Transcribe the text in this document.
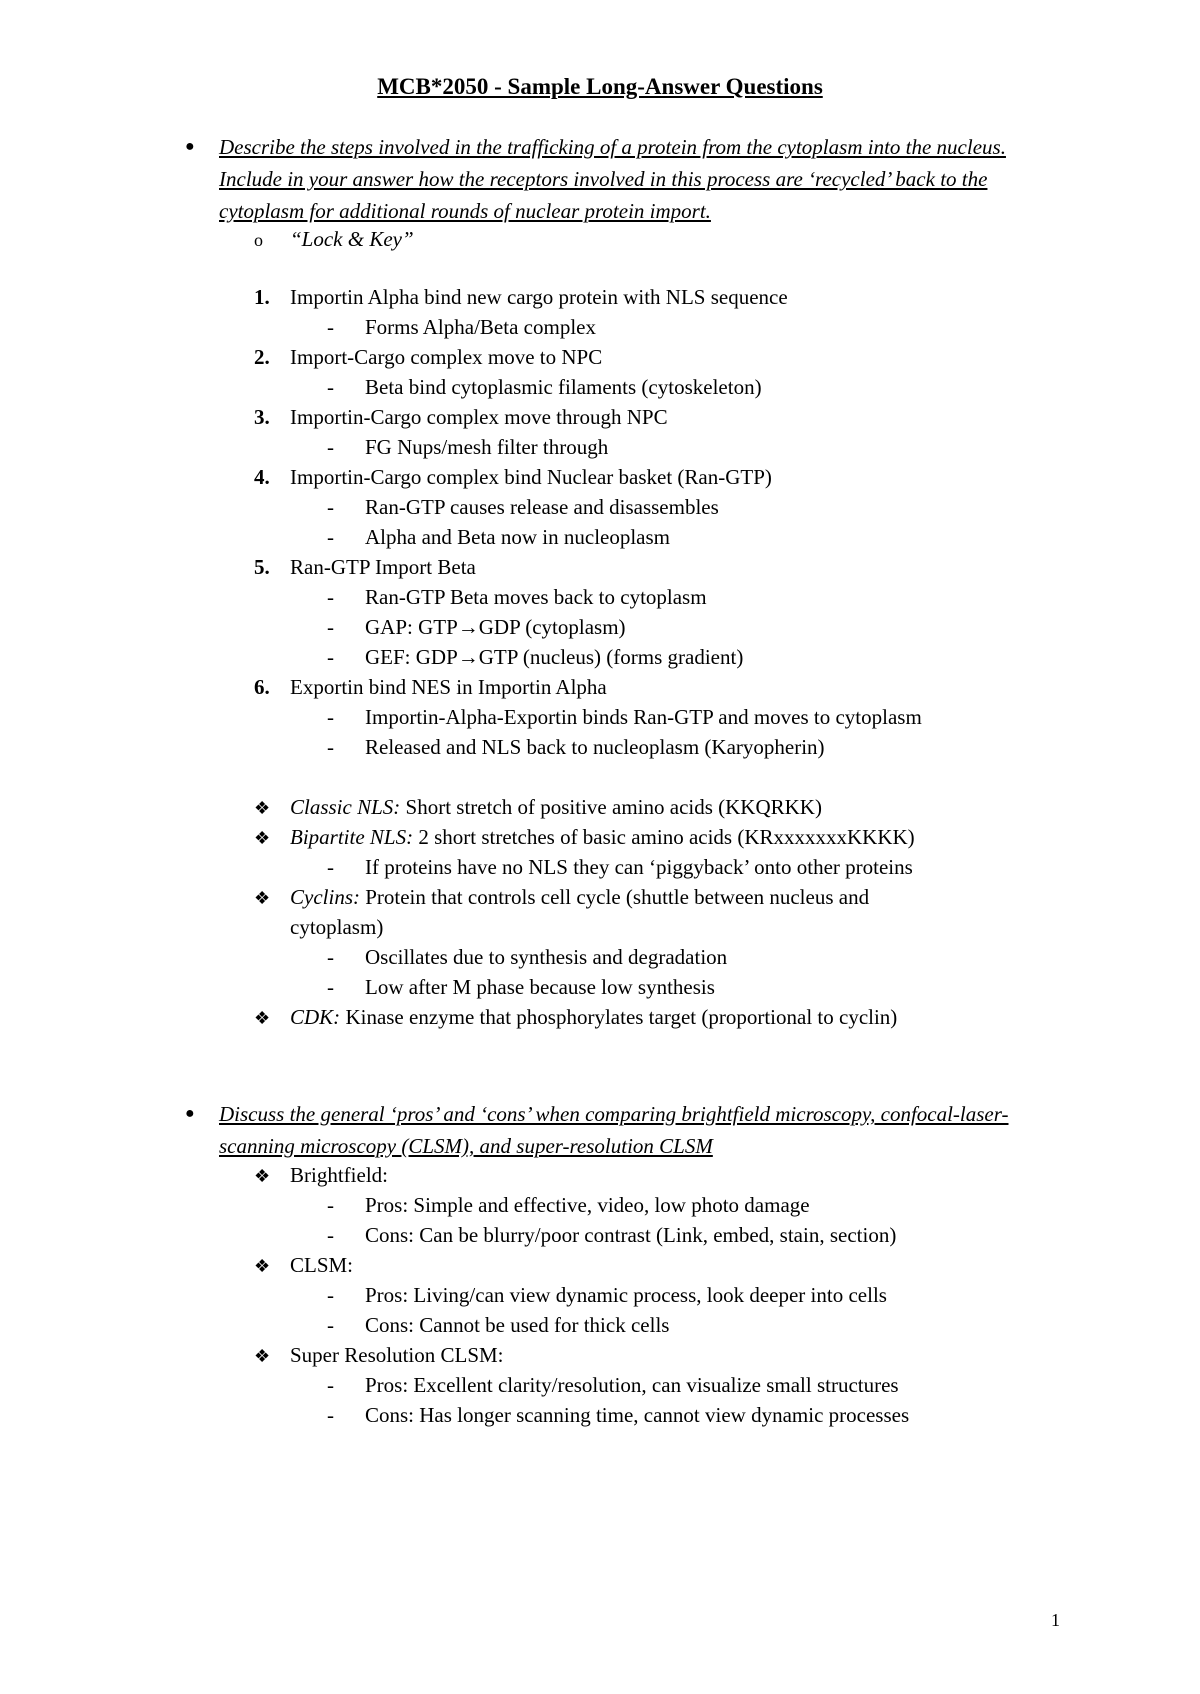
MCB*2050 - Sample Long-Answer Questions
● Describe the steps involved in the trafficking of a protein from the cytoplasm into the nucleus. Include in your answer how the receptors involved in this process are ‘recycled’ back to the cytoplasm for additional rounds of nuclear protein import.
o “Lock & Key”
1. Importin Alpha bind new cargo protein with NLS sequence
- Forms Alpha/Beta complex
2. Import-Cargo complex move to NPC
- Beta bind cytoplasmic filaments (cytoskeleton)
3. Importin-Cargo complex move through NPC
- FG Nups/mesh filter through
4. Importin-Cargo complex bind Nuclear basket (Ran-GTP)
- Ran-GTP causes release and disassembles
- Alpha and Beta now in nucleoplasm
5. Ran-GTP Import Beta
- Ran-GTP Beta moves back to cytoplasm
- GAP: GTP→GDP (cytoplasm)
- GEF: GDP→GTP (nucleus) (forms gradient)
6. Exportin bind NES in Importin Alpha
- Importin-Alpha-Exportin binds Ran-GTP and moves to cytoplasm
- Released and NLS back to nucleoplasm (Karyopherin)
❖ Classic NLS: Short stretch of positive amino acids (KKQRKK)
❖ Bipartite NLS: 2 short stretches of basic amino acids (KRxxxxxxxKKKK)
- If proteins have no NLS they can ‘piggyback’ onto other proteins
❖ Cyclins: Protein that controls cell cycle (shuttle between nucleus and
cytoplasm)
- Oscillates due to synthesis and degradation
- Low after M phase because low synthesis
❖ CDK: Kinase enzyme that phosphorylates target (proportional to cyclin)
● Discuss the general ‘pros’ and ‘cons’ when comparing brightfield microscopy, confocal-laser-scanning microscopy (CLSM), and super-resolution CLSM
❖ Brightfield:
- Pros: Simple and effective, video, low photo damage
- Cons: Can be blurry/poor contrast (Link, embed, stain, section)
❖ CLSM:
- Pros: Living/can view dynamic process, look deeper into cells
- Cons: Cannot be used for thick cells
❖ Super Resolution CLSM:
- Pros: Excellent clarity/resolution, can visualize small structures
- Cons: Has longer scanning time, cannot view dynamic processes
1
